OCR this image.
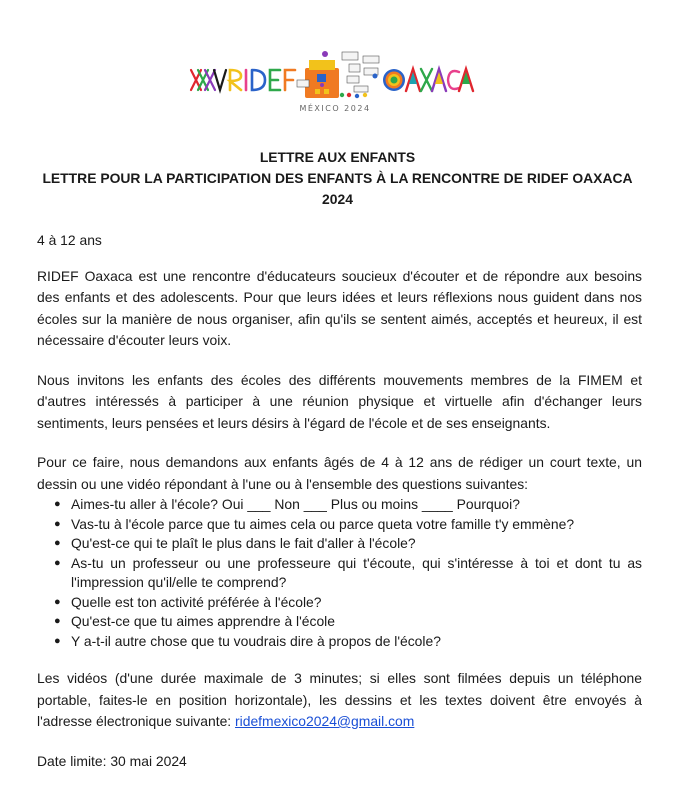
MÉXICO 2024
LETTRE AUX ENFANTS
LETTRE POUR LA PARTICIPATION DES ENFANTS À LA RENCONTRE DE RIDEF OAXACA
2024

4 à 12 ans

RIDEF Oaxaca est une rencontre d'éducateurs soucieux d'écouter et de répondre aux besoins des enfants et des adolescents. Pour que leurs idées et leurs réflexions nous guident dans nos écoles sur la manière de nous organiser, afin qu'ils se sentent aimés, acceptés et heureux, il est nécessaire d'écouter leurs voix.

Nous invitons les enfants des écoles des différents mouvements membres de la FIMEM et d'autres intéressés à participer à une réunion physique et virtuelle afin d'échanger leurs sentiments, leurs pensées et leurs désirs à l'égard de l'école et de ses enseignants.

Pour ce faire, nous demandons aux enfants âgés de 4 à 12 ans de rédiger un court texte, un dessin ou une vidéo répondant à l'une ou à l'ensemble des questions suivantes:

● Aimes-tu aller à l'école? Oui ___ Non ___ Plus ou moins ____ Pourquoi?
● Vas-tu à l'école parce que tu aimes cela ou parce queta votre famille t'y emmène?
● Qu'est-ce qui te plaît le plus dans le fait d'aller à l'école?
● As-tu un professeur ou une professeure qui t'écoute, qui s'intéresse à toi et dont tu as l'impression qu'il/elle te comprend?
● Quelle est ton activité préférée à l'école?
● Qu'est-ce que tu aimes apprendre à l'école
● Y a-t-il autre chose que tu voudrais dire à propos de l'école?

Les vidéos (d'une durée maximale de 3 minutes; si elles sont filmées depuis un téléphone portable, faites-le en position horizontale), les dessins et les textes doivent être envoyés à l'adresse électronique suivante: ridefmexico2024@gmail.com

Date limite: 30 mai 2024
